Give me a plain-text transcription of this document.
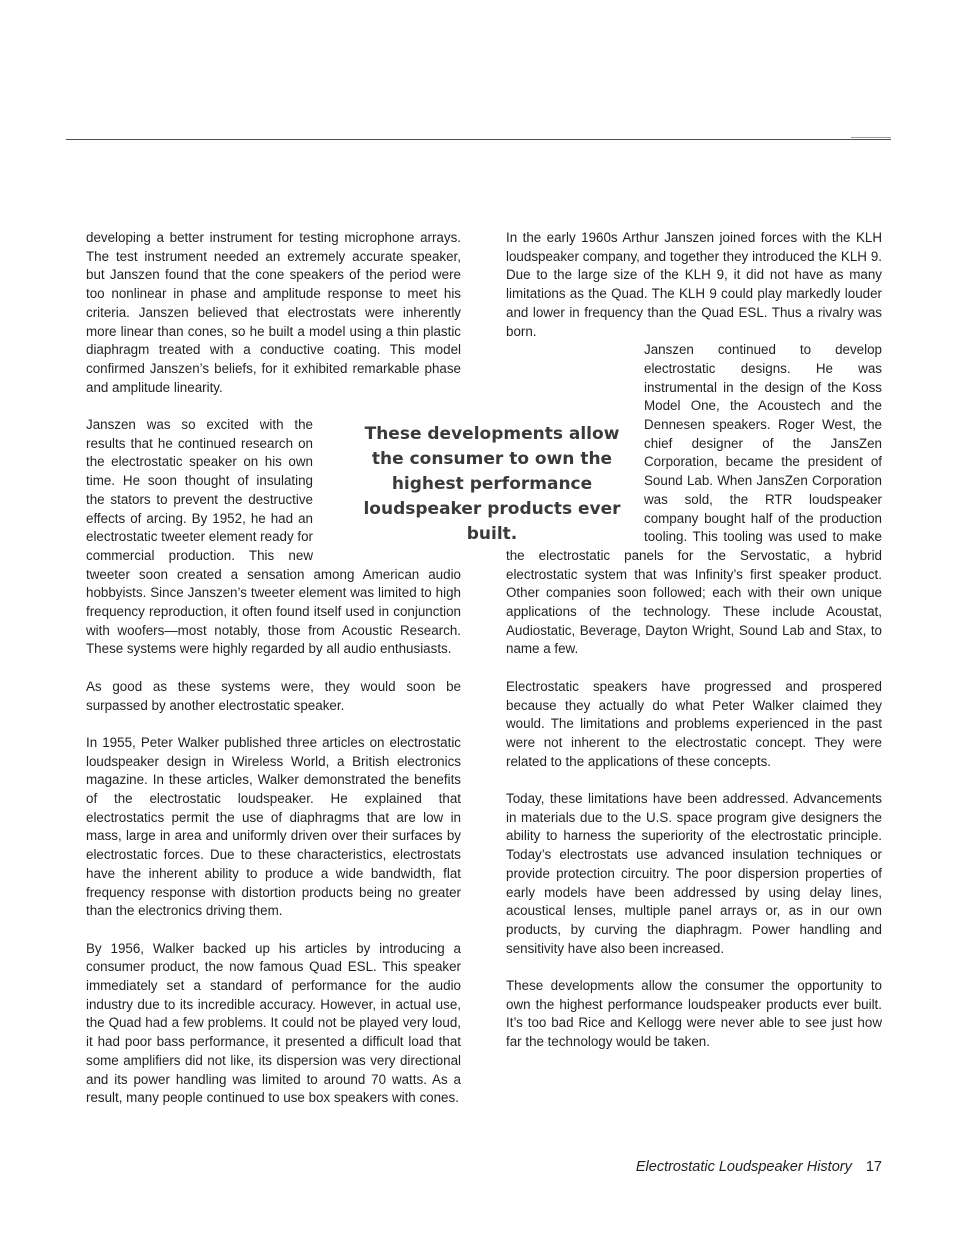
developing a better instrument for testing microphone arrays. The test instrument needed an extremely accurate speaker, but Janszen found that the cone speakers of the period were too nonlinear in phase and amplitude response to meet his criteria. Janszen believed that electrostats were inherently more linear than cones, so he built a model using a thin plastic diaphragm treated with a conductive coating. This model confirmed Janszen’s beliefs, for it exhibited remarkable phase and amplitude linearity.

Janszen was so excited with the results that he continued research on the electrostatic speaker on his own time. He soon thought of insulating the stators to prevent the destructive effects of arcing. By 1952, he had an electrostatic tweeter element ready for commercial production. This new tweeter soon created a sensation among American audio hobbyists. Since Janszen’s tweeter element was limited to high frequency reproduction, it often found itself used in conjunction with woofers—most notably, those from Acoustic Research. These systems were highly regarded by all audio enthusiasts.

As good as these systems were, they would soon be surpassed by another electrostatic speaker.

In 1955, Peter Walker published three articles on electrostatic loudspeaker design in Wireless World, a British electronics magazine. In these articles, Walker demonstrated the benefits of the electrostatic loudspeaker. He explained that electrostatics permit the use of diaphragms that are low in mass, large in area and uniformly driven over their surfaces by electrostatic forces. Due to these characteristics, electrostats have the inherent ability to produce a wide bandwidth, flat frequency response with distortion products being no greater than the electronics driving them.

By 1956, Walker backed up his articles by introducing a consumer product, the now famous Quad ESL. This speaker immediately set a standard of performance for the audio industry due to its incredible accuracy. However, in actual use, the Quad had a few problems. It could not be played very loud, it had poor bass performance, it presented a difficult load that some amplifiers did not like, its dispersion was very directional and its power handling was limited to around 70 watts. As a result, many people continued to use box speakers with cones.

In the early 1960s Arthur Janszen joined forces with the KLH loudspeaker company, and together they introduced the KLH 9. Due to the large size of the KLH 9, it did not have as many limitations as the Quad. The KLH 9 could play markedly louder and lower in frequency than the Quad ESL. Thus a rivalry was born.

Janszen continued to develop electrostatic designs. He was instrumental in the design of the Koss Model One, the Acoustech and the Dennesen speakers. Roger West, the chief designer of the JansZen Corporation, became the president of Sound Lab. When JansZen Corporation was sold, the RTR loudspeaker company bought half of the production tooling. This tooling was used to make the electrostatic panels for the Servostatic, a hybrid electrostatic system that was Infinity’s first speaker product. Other companies soon followed; each with their own unique applications of the technology. These include Acoustat, Audiostatic, Beverage, Dayton Wright, Sound Lab and Stax, to name a few.

Electrostatic speakers have progressed and prospered because they actually do what Peter Walker claimed they would. The limitations and problems experienced in the past were not inherent to the electrostatic concept. They were related to the applications of these concepts.

Today, these limitations have been addressed. Advancements in materials due to the U.S. space program give designers the ability to harness the superiority of the electrostatic principle. Today’s electrostats use advanced insulation techniques or provide protection circuitry. The poor dispersion properties of early models have been addressed by using delay lines, acoustical lenses, multiple panel arrays or, as in our own products, by curving the diaphragm. Power handling and sensitivity have also been increased.

These developments allow the consumer the opportunity to own the highest performance loudspeaker products ever built. It’s too bad Rice and Kellogg were never able to see just how far the technology would be taken.

These developments allow the consumer to own the highest performance loudspeaker products ever built.
Electrostatic Loudspeaker History 17
